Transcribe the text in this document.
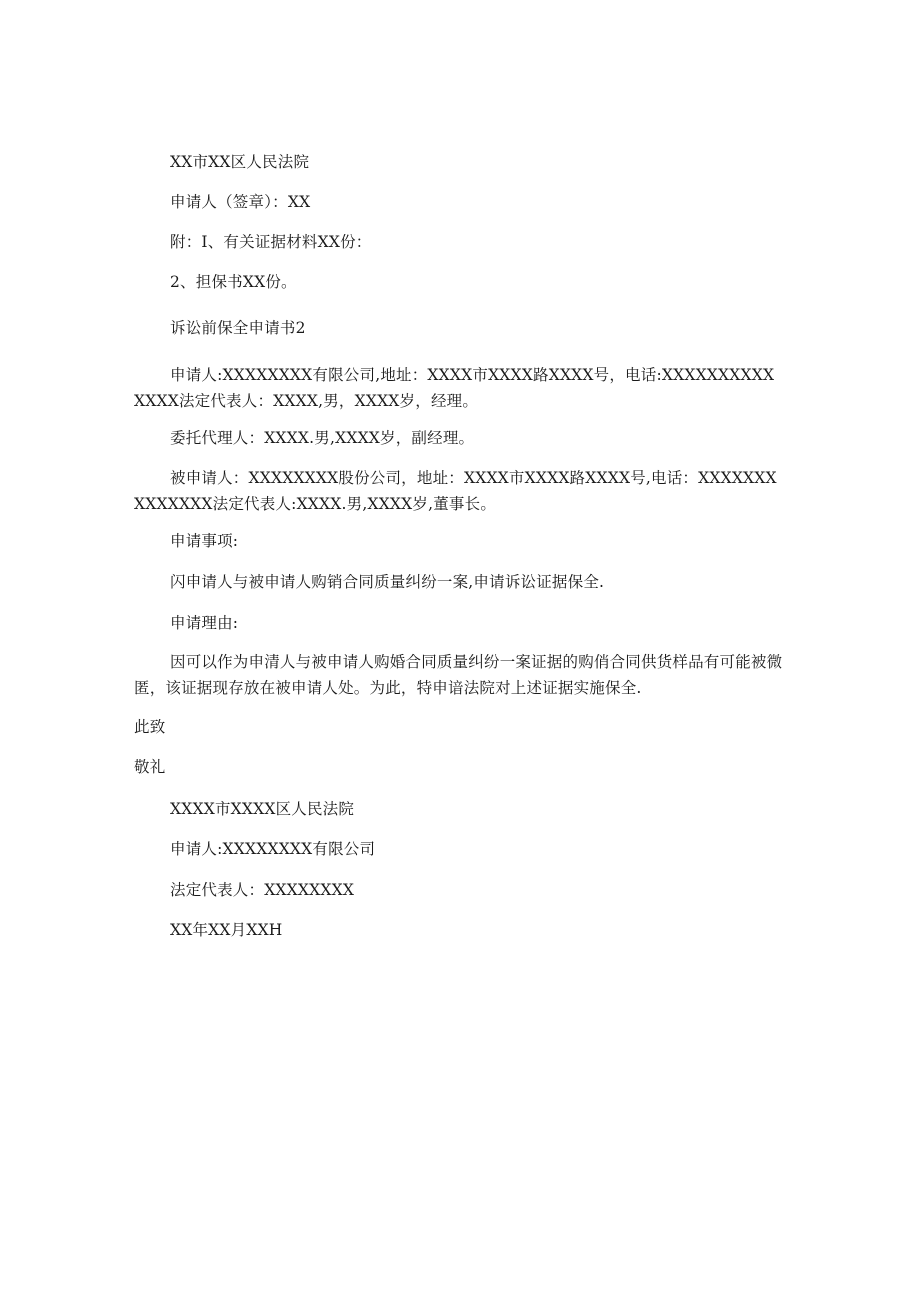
XX市XX区人民法院
申请人（签章）：XX
附：I、有关证据材料XX份：
2、担保书XX份。
诉讼前保全申请书2
申请人:XXXXXXXX有限公司,地址：XXXX市XXXX路XXXX号，电话:XXXXXXXXXXXXXX法定代表人：XXXX,男，XXXX岁，经理。
委托代理人：XXXX.男,XXXX岁，副经理。
被申请人：XXXXXXXX股份公司，地址：XXXX市XXXX路XXXX号,电话：XXXXXXXXXXXXXX法定代表人:XXXX.男,XXXX岁,董事长。
申请事项:
闪申请人与被申请人购销合同质量纠纷一案,申请诉讼证据保全.
申请理由:
因可以作为申清人与被申请人购婚合同质量纠纷一案证据的购俏合同供货样品有可能被微匿，该证据现存放在被申请人处。为此，特申谙法院对上述证据实施保全.
此致
敬礼
XXXX市XXXX区人民法院
申请人:XXXXXXXX有限公司
法定代表人：XXXXXXXX
XX年XX月XXH
